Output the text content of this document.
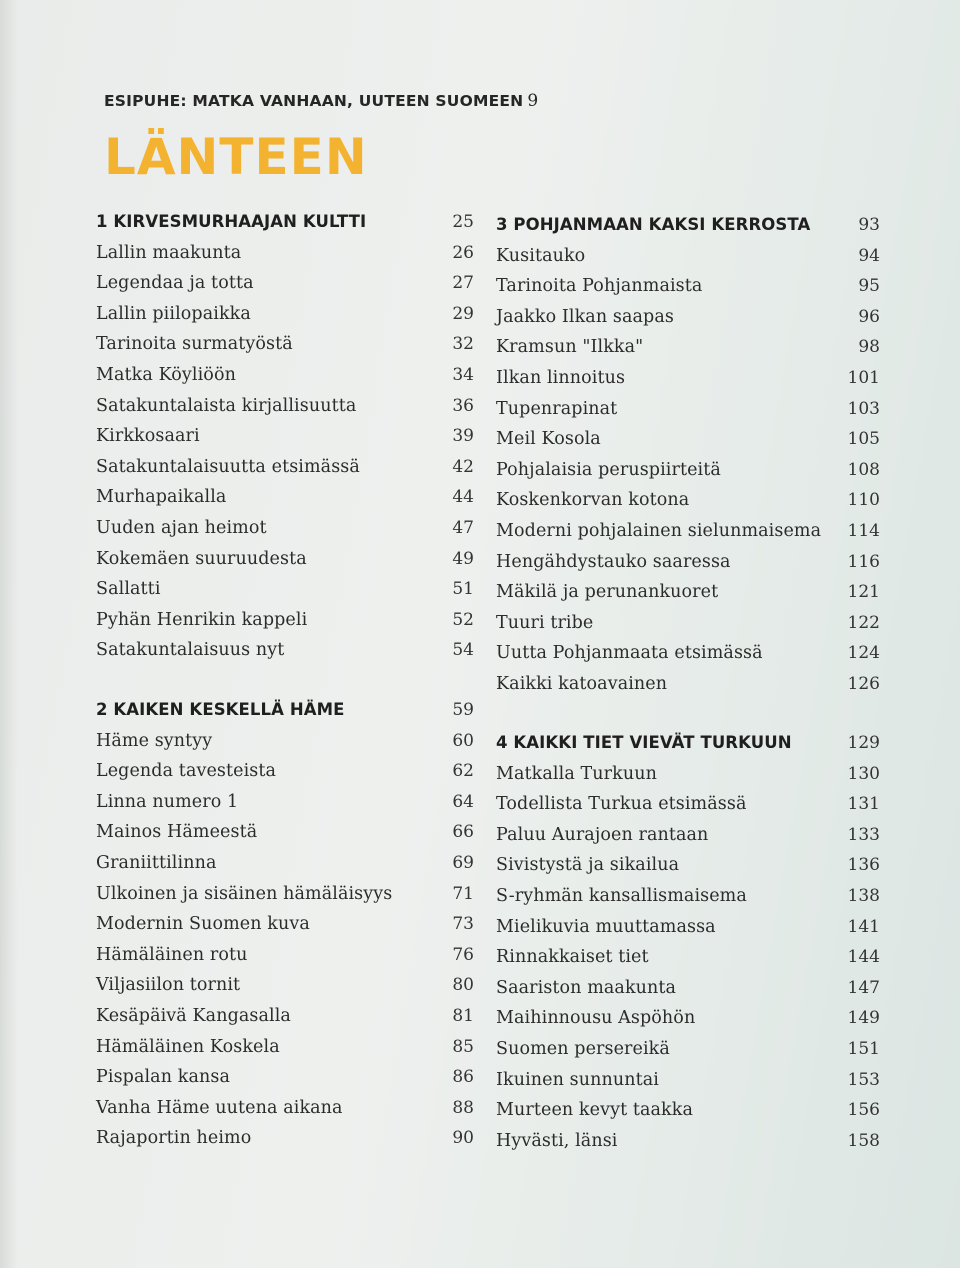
ESIPUHE: MATKA VANHAAN, UUTEEN SUOMEEN 9
LÄNTEEN
1 KIRVESMURHAAJAN KULTTI	25
Lallin maakunta	26
Legendaa ja totta	27
Lallin piilopaikka	29
Tarinoita surmatyöstä	32
Matka Köyliöön	34
Satakuntalaista kirjallisuutta	36
Kirkkosaari	39
Satakuntalaisuutta etsimässä	42
Murhapaikalla	44
Uuden ajan heimot	47
Kokemäen suuruudesta	49
Sallatti	51
Pyhän Henrikin kappeli	52
Satakuntalaisuus nyt	54
2 KAIKEN KESKELLÄ HÄME	59
Häme syntyy	60
Legenda tavesteista	62
Linna numero 1	64
Mainos Hämeestä	66
Graniittilinna	69
Ulkoinen ja sisäinen hämäläisyys	71
Modernin Suomen kuva	73
Hämäläinen rotu	76
Viljasiilon tornit	80
Kesäpäivä Kangasalla	81
Hämäläinen Koskela	85
Pispalan kansa	86
Vanha Häme uutena aikana	88
Rajaportin heimo	90
3 POHJANMAAN KAKSI KERROSTA	93
Kusitauko	94
Tarinoita Pohjanmaista	95
Jaakko Ilkan saapas	96
Kramsun "Ilkka"	98
Ilkan linnoitus	101
Tupenrapinat	103
Meil Kosola	105
Pohjalaisia peruspiirteitä	108
Koskenkorvan kotona	110
Moderni pohjalainen sielunmaisema 114
Hengähdystauko saaressa	116
Mäkilä ja perunankuoret	121
Tuuri tribe	122
Uutta Pohjanmaata etsimässä	124
Kaikki katoavainen	126
4 KAIKKI TIET VIEVÄT TURKUUN	129
Matkalla Turkuun	130
Todellista Turkua etsimässä	131
Paluu Aurajoen rantaan	133
Sivistystä ja sikailua	136
S-ryhmän kansallismaisema	138
Mielikuvia muuttamassa	141
Rinnakkaiset tiet	144
Saariston maakunta	147
Maihinnousu Aspöhön	149
Suomen persereikä	151
Ikuinen sunnuntai	153
Murteen kevyt taakka	156
Hyvästi, länsi	158
